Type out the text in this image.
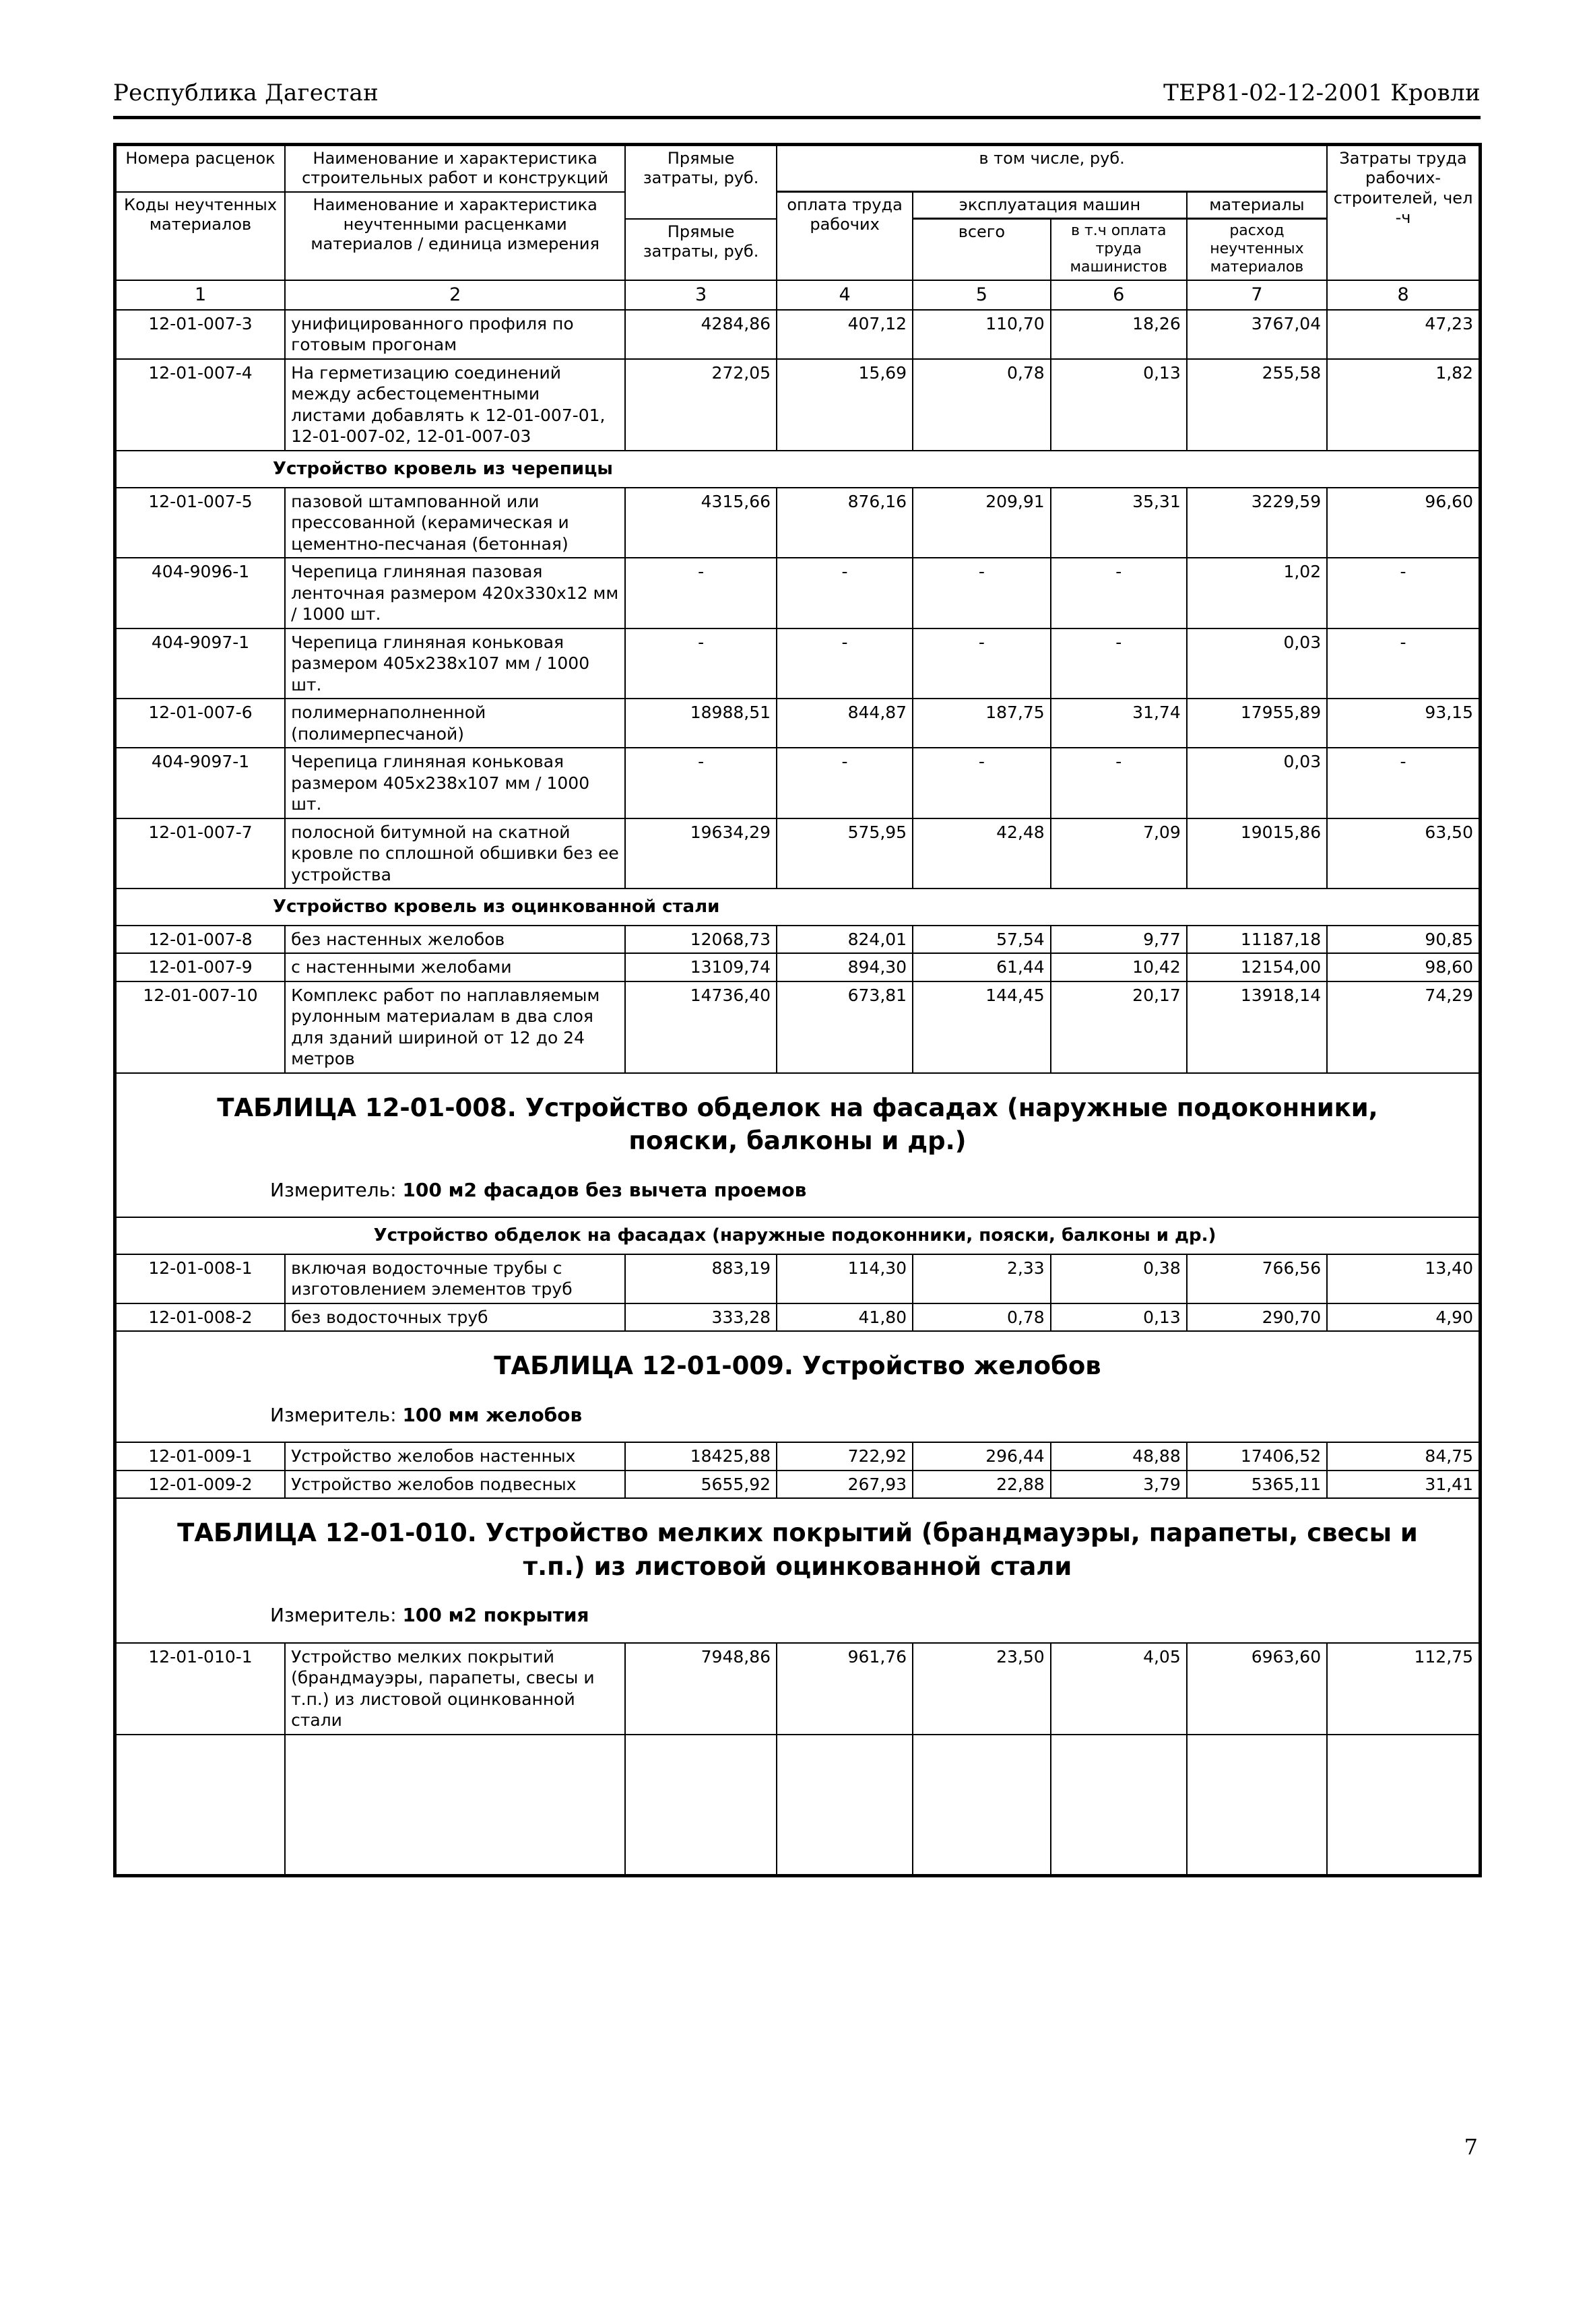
Республика Дагестан	ТЕР81-02-12-2001 Кровли
Номера расценок	Наименование и характеристика строительных работ и конструкций	Прямые затраты, руб.	в том числе, руб.				Затраты труда рабочих-строителей, чел -ч
Коды неучтенных материалов	Наименование и характеристика неучтенными расценками материалов / единица измерения		оплата труда рабочих	эксплуатация машин		материалы	
		Прямые затраты, руб.		всего	в т.ч оплата труда машинистов	расход неучтенных материалов	
1	2	3	4	5	6	7	8
12-01-007-3	унифицированного профиля по готовым прогонам	4284,86	407,12	110,70	18,26	3767,04	47,23
12-01-007-4	На герметизацию соединений между асбестоцементными листами добавлять к 12-01-007-01, 12-01-007-02, 12-01-007-03	272,05	15,69	0,78	0,13	255,58	1,82

Устройство кровель из черепицы							

12-01-007-5	пазовой штампованной или прессованной (керамическая и цементно-песчаная (бетонная)	4315,66	876,16	209,91	35,31	3229,59	96,60
404-9096-1	Черепица глиняная пазовая ленточная размером 420х330х12 мм / 1000 шт.	-	-	-	-	1,02	-
404-9097-1	Черепица глиняная коньковая размером 405х238х107 мм / 1000 шт.	-	-	-	-	0,03	-
12-01-007-6	полимернаполненной (полимерпесчаной)	18988,51	844,87	187,75	31,74	17955,89	93,15
404-9097-1	Черепица глиняная коньковая размером 405х238х107 мм / 1000 шт.	-	-	-	-	0,03	-
12-01-007-7	полосной битумной на скатной кровле по сплошной обшивки без ее устройства	19634,29	575,95	42,48	7,09	19015,86	63,50

Устройство кровель из оцинкованной стали							

12-01-007-8	без настенных желобов	12068,73	824,01	57,54	9,77	11187,18	90,85
12-01-007-9	с настенными желобами	13109,74	894,30	61,44	10,42	12154,00	98,60
12-01-007-10	Комплекс работ по наплавляемым рулонным материалам в два слоя для зданий шириной от 12 до 24 метров	14736,40	673,81	144,45	20,17	13918,14	74,29

ТАБЛИЦА 12-01-008. Устройство обделок на фасадах (наружные подоконники, пояски, балконы и др.)
Измеритель: 100 м2 фасадов без вычета проемов							

Устройство обделок на фасадах (наружные подоконники, пояски, балконы и др.)							

12-01-008-1	включая водосточные трубы с изготовлением элементов труб	883,19	114,30	2,33	0,38	766,56	13,40
12-01-008-2	без водосточных труб	333,28	41,80	0,78	0,13	290,70	4,90

ТАБЛИЦА 12-01-009. Устройство желобов
Измеритель: 100 мм желобов							

12-01-009-1	Устройство желобов настенных	18425,88	722,92	296,44	48,88	17406,52	84,75
12-01-009-2	Устройство желобов подвесных	5655,92	267,93	22,88	3,79	5365,11	31,41

ТАБЛИЦА 12-01-010. Устройство мелких покрытий (брандмауэры, парапеты, свесы и т.п.) из листовой оцинкованной стали
Измеритель: 100 м2 покрытия							

12-01-010-1	Устройство мелких покрытий (брандмауэры, парапеты, свесы и т.п.) из листовой оцинкованной стали	7948,86	961,76	23,50	4,05	6963,60	112,75

7
